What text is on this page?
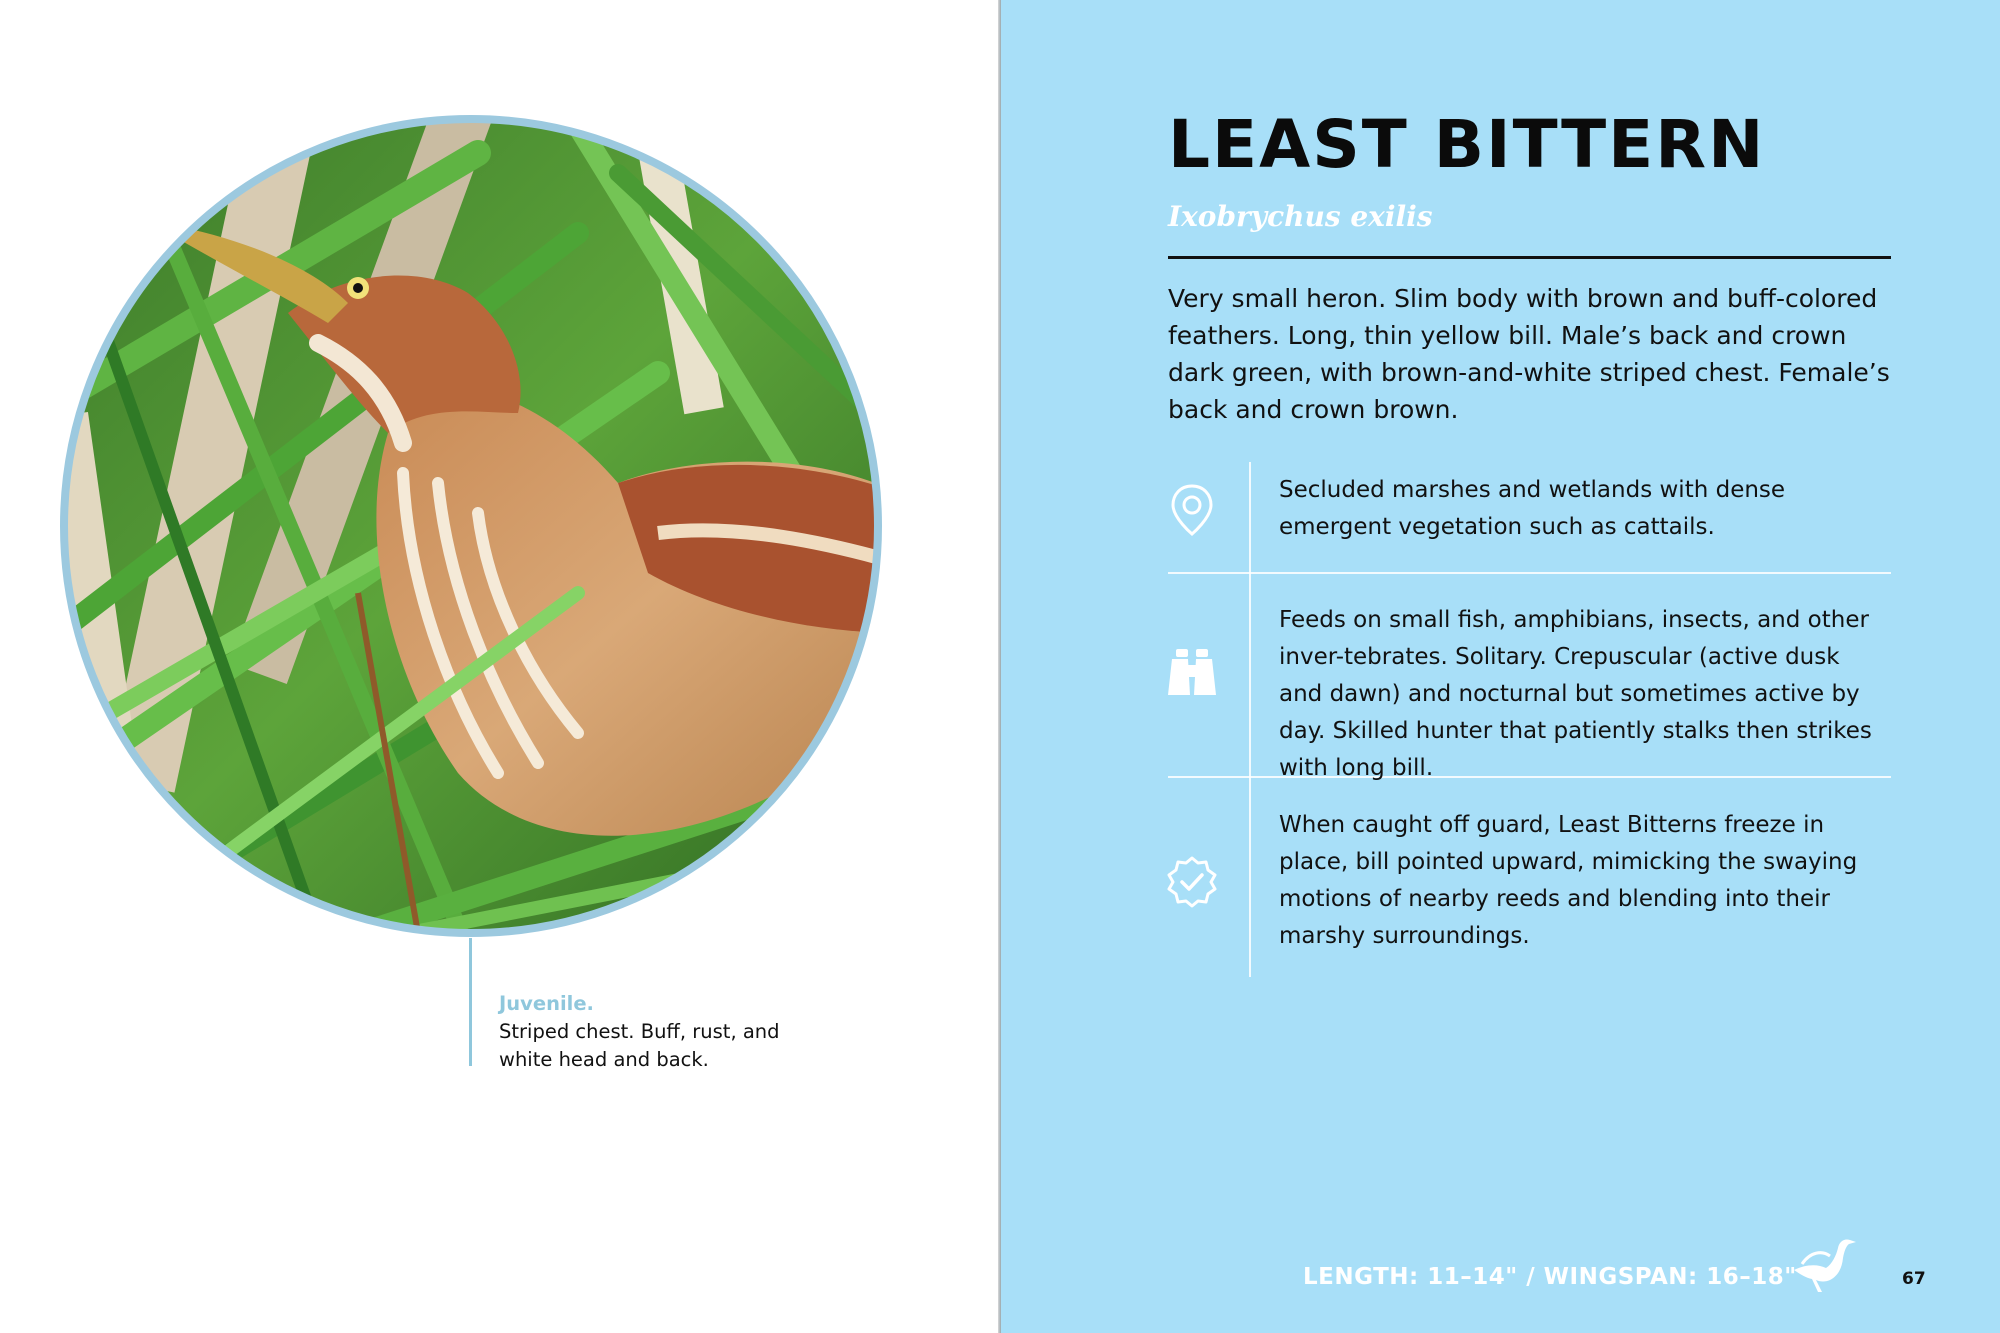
Juvenile.
Striped chest. Buff, rust, and white head and back.
LEAST BITTERN
Ixobrychus exilis

Very small heron. Slim body with brown and buff-colored feathers. Long, thin yellow bill. Male’s back and crown dark green, with brown-and-white striped chest. Female’s back and crown brown.

Secluded marshes and wetlands with dense emergent vegetation such as cattails.

Feeds on small fish, amphibians, insects, and other inver-tebrates. Solitary. Crepuscular (active dusk and dawn) and nocturnal but sometimes active by day. Skilled hunter that patiently stalks then strikes with long bill.

When caught off guard, Least Bitterns freeze in place, bill pointed upward, mimicking the swaying motions of nearby reeds and blending into their marshy surroundings.

LENGTH: 11–14" / WINGSPAN: 16–18"	67
